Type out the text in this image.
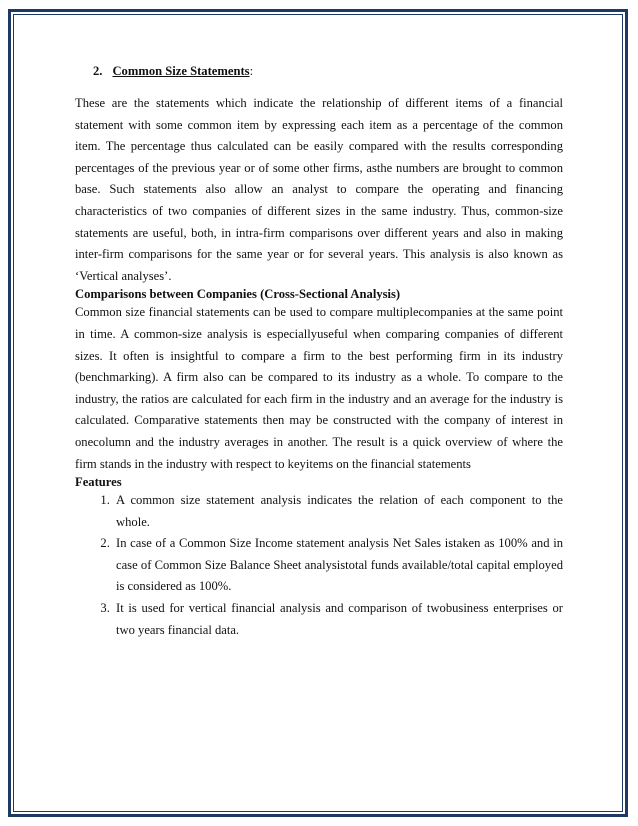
2. Common Size Statements:

These are the statements which indicate the relationship of different items of a financial statement with some common item by expressing each item as a percentage of the common item. The percentage thus calculated can be easily compared with the results corresponding percentages of the previous year or of some other firms, asthe numbers are brought to common base. Such statements also allow an analyst to compare the operating and financing characteristics of two companies of different sizes in the same industry. Thus, common-size statements are useful, both, in intra-firm comparisons over different years and also in making inter-firm comparisons for the same year or for several years. This analysis is also known as ‘Vertical analyses’.

Comparisons between Companies (Cross-Sectional Analysis)

Common size financial statements can be used to compare multiplecompanies at the same point in time. A common-size analysis is especiallyuseful when comparing companies of different sizes. It often is insightful to compare a firm to the best performing firm in its industry (benchmarking). A firm also can be compared to its industry as a whole. To compare to the industry, the ratios are calculated for each firm in the industry and an average for the industry is calculated. Comparative statements then may be constructed with the company of interest in onecolumn and the industry averages in another. The result is a quick overview of where the firm stands in the industry with respect to keyitems on the financial statements

Features
1. A common size statement analysis indicates the relation of each component to the whole.
2. In case of a Common Size Income statement analysis Net Sales istaken as 100% and in case of Common Size Balance Sheet analysistotal funds available/total capital employed is considered as 100%.
3. It is used for vertical financial analysis and comparison of twobusiness enterprises or two years financial data.
